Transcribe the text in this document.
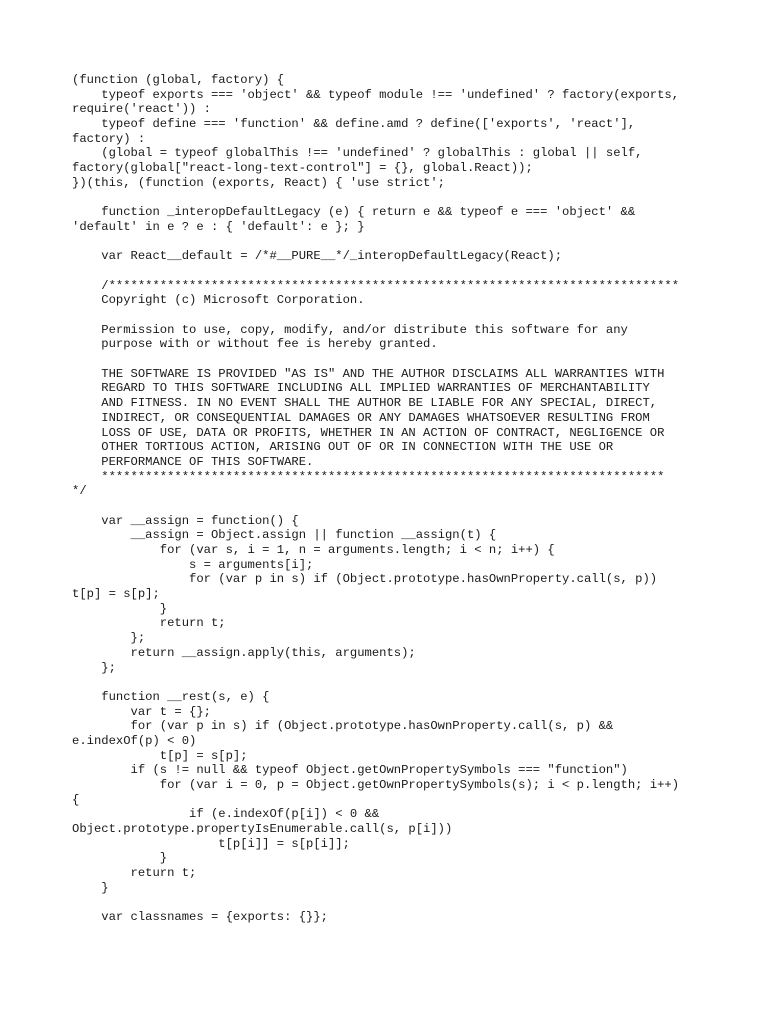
(function (global, factory) {
typeof exports === 'object' && typeof module !== 'undefined' ? factory(exports,
require('react')) :
typeof define === 'function' && define.amd ? define(['exports', 'react'],
factory) :
(global = typeof globalThis !== 'undefined' ? globalThis : global || self,
factory(global["react-long-text-control"] = {}, global.React));
})(this, (function (exports, React) { 'use strict';
function _interopDefaultLegacy (e) { return e && typeof e === 'object' &&
'default' in e ? e : { 'default': e }; }
var React__default = /*#__PURE__*/_interopDefaultLegacy(React);
/******************************************************************************
Copyright (c) Microsoft Corporation.
Permission to use, copy, modify, and/or distribute this software for any
purpose with or without fee is hereby granted.
THE SOFTWARE IS PROVIDED "AS IS" AND THE AUTHOR DISCLAIMS ALL WARRANTIES WITH
REGARD TO THIS SOFTWARE INCLUDING ALL IMPLIED WARRANTIES OF MERCHANTABILITY
AND FITNESS. IN NO EVENT SHALL THE AUTHOR BE LIABLE FOR ANY SPECIAL, DIRECT,
INDIRECT, OR CONSEQUENTIAL DAMAGES OR ANY DAMAGES WHATSOEVER RESULTING FROM
LOSS OF USE, DATA OR PROFITS, WHETHER IN AN ACTION OF CONTRACT, NEGLIGENCE OR
OTHER TORTIOUS ACTION, ARISING OUT OF OR IN CONNECTION WITH THE USE OR
PERFORMANCE OF THIS SOFTWARE.
*****************************************************************************
*/
var __assign = function() {
__assign = Object.assign || function __assign(t) {
for (var s, i = 1, n = arguments.length; i < n; i++) {
s = arguments[i];
for (var p in s) if (Object.prototype.hasOwnProperty.call(s, p))
t[p] = s[p];
}
return t;
};
return __assign.apply(this, arguments);
};
function __rest(s, e) {
var t = {};
for (var p in s) if (Object.prototype.hasOwnProperty.call(s, p) &&
e.indexOf(p) < 0)
t[p] = s[p];
if (s != null && typeof Object.getOwnPropertySymbols === "function")
for (var i = 0, p = Object.getOwnPropertySymbols(s); i < p.length; i++)
{
if (e.indexOf(p[i]) < 0 &&
Object.prototype.propertyIsEnumerable.call(s, p[i]))
t[p[i]] = s[p[i]];
}
return t;
}
var classnames = {exports: {}};
